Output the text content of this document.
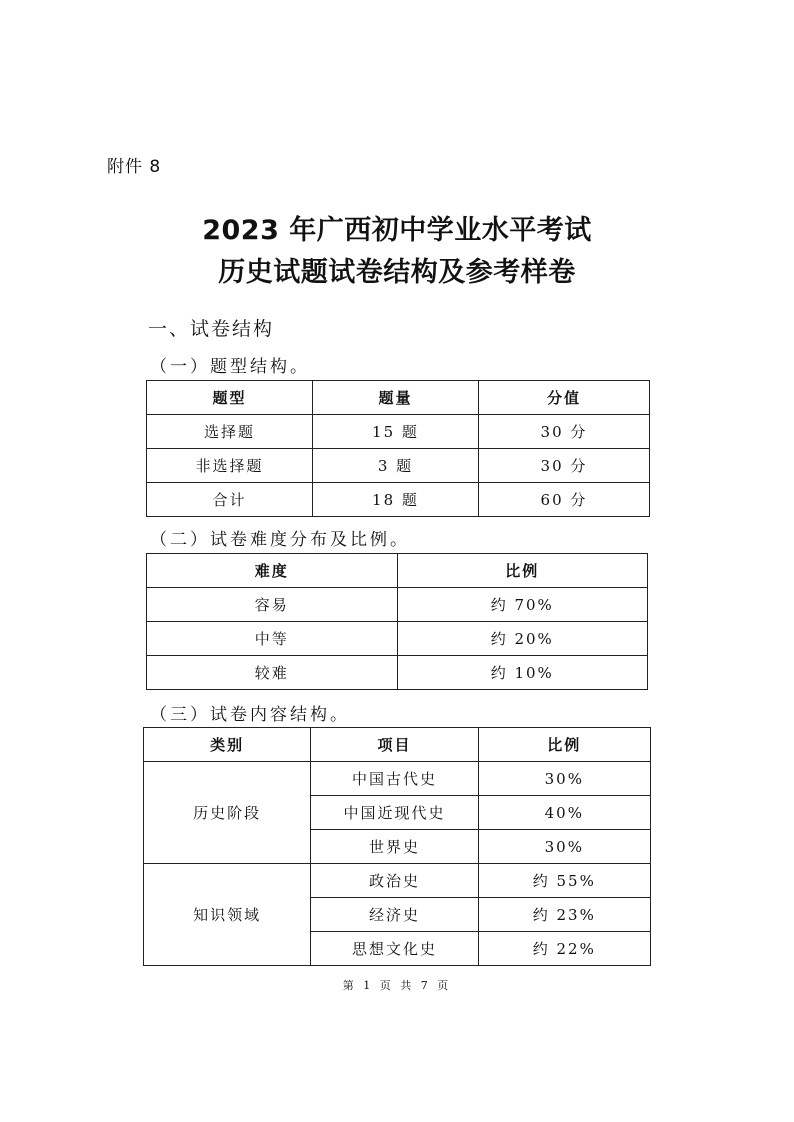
附件 8
2023 年广西初中学业水平考试
历史试题试卷结构及参考样卷
一、试卷结构
（一）题型结构。
题型	题量	分值
选择题	15 题	30 分
非选择题	3 题	30 分
合计	18 题	60 分
（二）试卷难度分布及比例。
难度	比例
容易	约 70%
中等	约 20%
较难	约 10%
（三）试卷内容结构。
类别	项目	比例
历史阶段	中国古代史	30%
	中国近现代史	40%
	世界史	30%
知识领域	政治史	约 55%
	经济史	约 23%
	思想文化史	约 22%
第 1 页 共 7 页
